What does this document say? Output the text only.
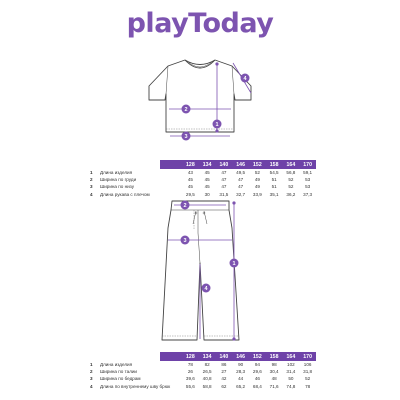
playToday
1
2
3
4
1
2
3
4
128	134	140	146	152	158	164	170
1	Длина изделия	43	45	47	49,5	52	54,5	56,8	59,1
2	Ширина по груди	45	45	47	47	49	51	52	53
3	Ширина по низу	45	45	47	47	49	51	52	53
4	Длина рукава с плечом	29,5	30	31,5	32,7	33,9	35,1	36,2	37,3
128	134	140	146	152	158	164	170
1	Длина изделия	78	82	86	90	94	98	102	106
2	Ширина по талии	26	26,5	27	28,3	29,6	30,4	31,4	31,8
3	Ширина по бедрам	39,6	40,8	42	44	46	48	50	52
4	Длина по внутреннему шву брюк	55,6	58,8	62	65,2	68,4	71,6	74,8	78
